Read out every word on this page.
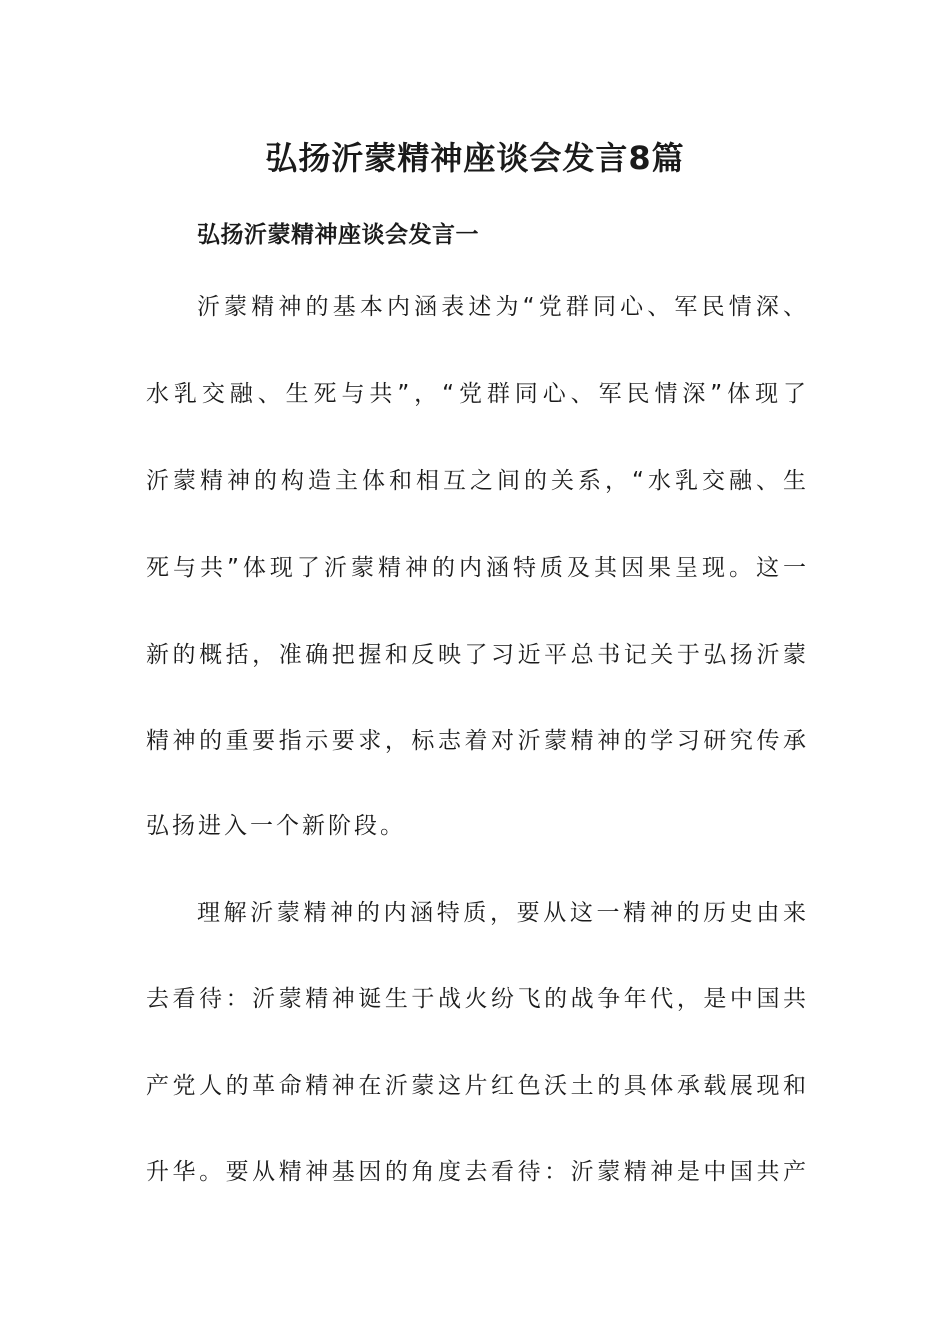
弘扬沂蒙精神座谈会发言8篇
弘扬沂蒙精神座谈会发言一

沂蒙精神的基本内涵表述为“党群同心、军民情深、

水乳交融、生死与共”，“党群同心、军民情深”体现了

沂蒙精神的构造主体和相互之间的关系，“水乳交融、生

死与共”体现了沂蒙精神的内涵特质及其因果呈现。这一

新的概括，准确把握和反映了习近平总书记关于弘扬沂蒙

精神的重要指示要求，标志着对沂蒙精神的学习研究传承

弘扬进入一个新阶段。

理解沂蒙精神的内涵特质，要从这一精神的历史由来

去看待：沂蒙精神诞生于战火纷飞的战争年代，是中国共

产党人的革命精神在沂蒙这片红色沃土的具体承载展现和

升华。要从精神基因的角度去看待：沂蒙精神是中国共产
